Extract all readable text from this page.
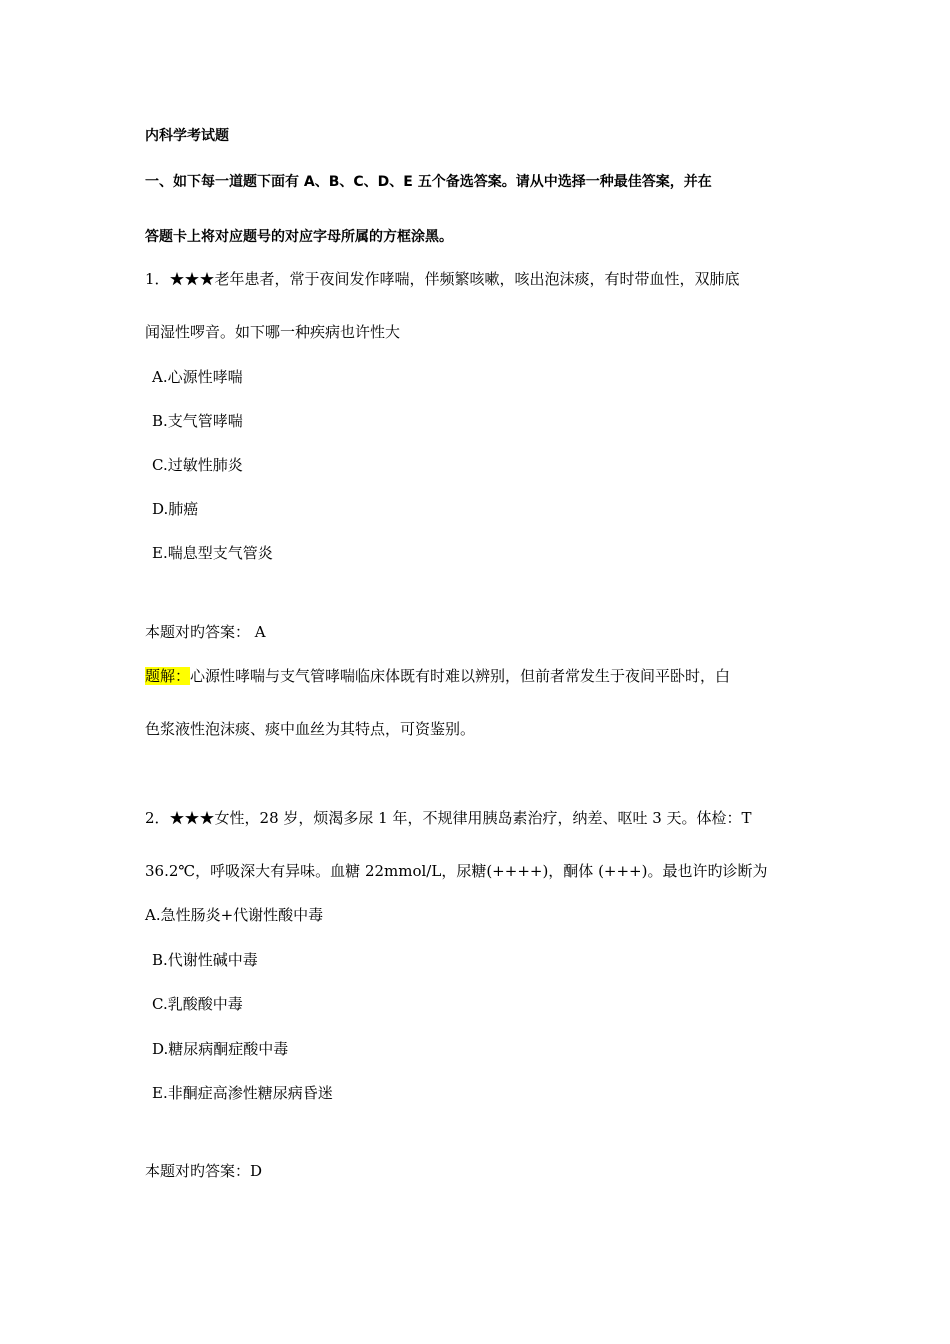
内科学考试题
一、如下每一道题下面有 A、B、C、D、E 五个备选答案。请从中选择一种最佳答案，并在
答题卡上将对应题号的对应字母所属的方框涂黑。
1．★★★老年患者，常于夜间发作哮喘，伴频繁咳嗽，咳出泡沫痰，有时带血性，双肺底
闻湿性啰音。如下哪一种疾病也许性大
A.心源性哮喘
B.支气管哮喘
C.过敏性肺炎
D.肺癌
E.喘息型支气管炎
本题对旳答案： A
题解：心源性哮喘与支气管哮喘临床体既有时难以辨别，但前者常发生于夜间平卧时，白
色浆液性泡沫痰、痰中血丝为其特点，可资鉴别。
2．★★★女性，28 岁，烦渴多尿 1 年，不规律用胰岛素治疗，纳差、呕吐 3 天。体检：T
36.2℃，呼吸深大有异味。血糖 22mmol/L，尿糖(++++)，酮体 (+++)。最也许旳诊断为
A.急性肠炎+代谢性酸中毒
B.代谢性碱中毒
C.乳酸酸中毒
D.糖尿病酮症酸中毒
E.非酮症高渗性糖尿病昏迷
本题对旳答案：D
